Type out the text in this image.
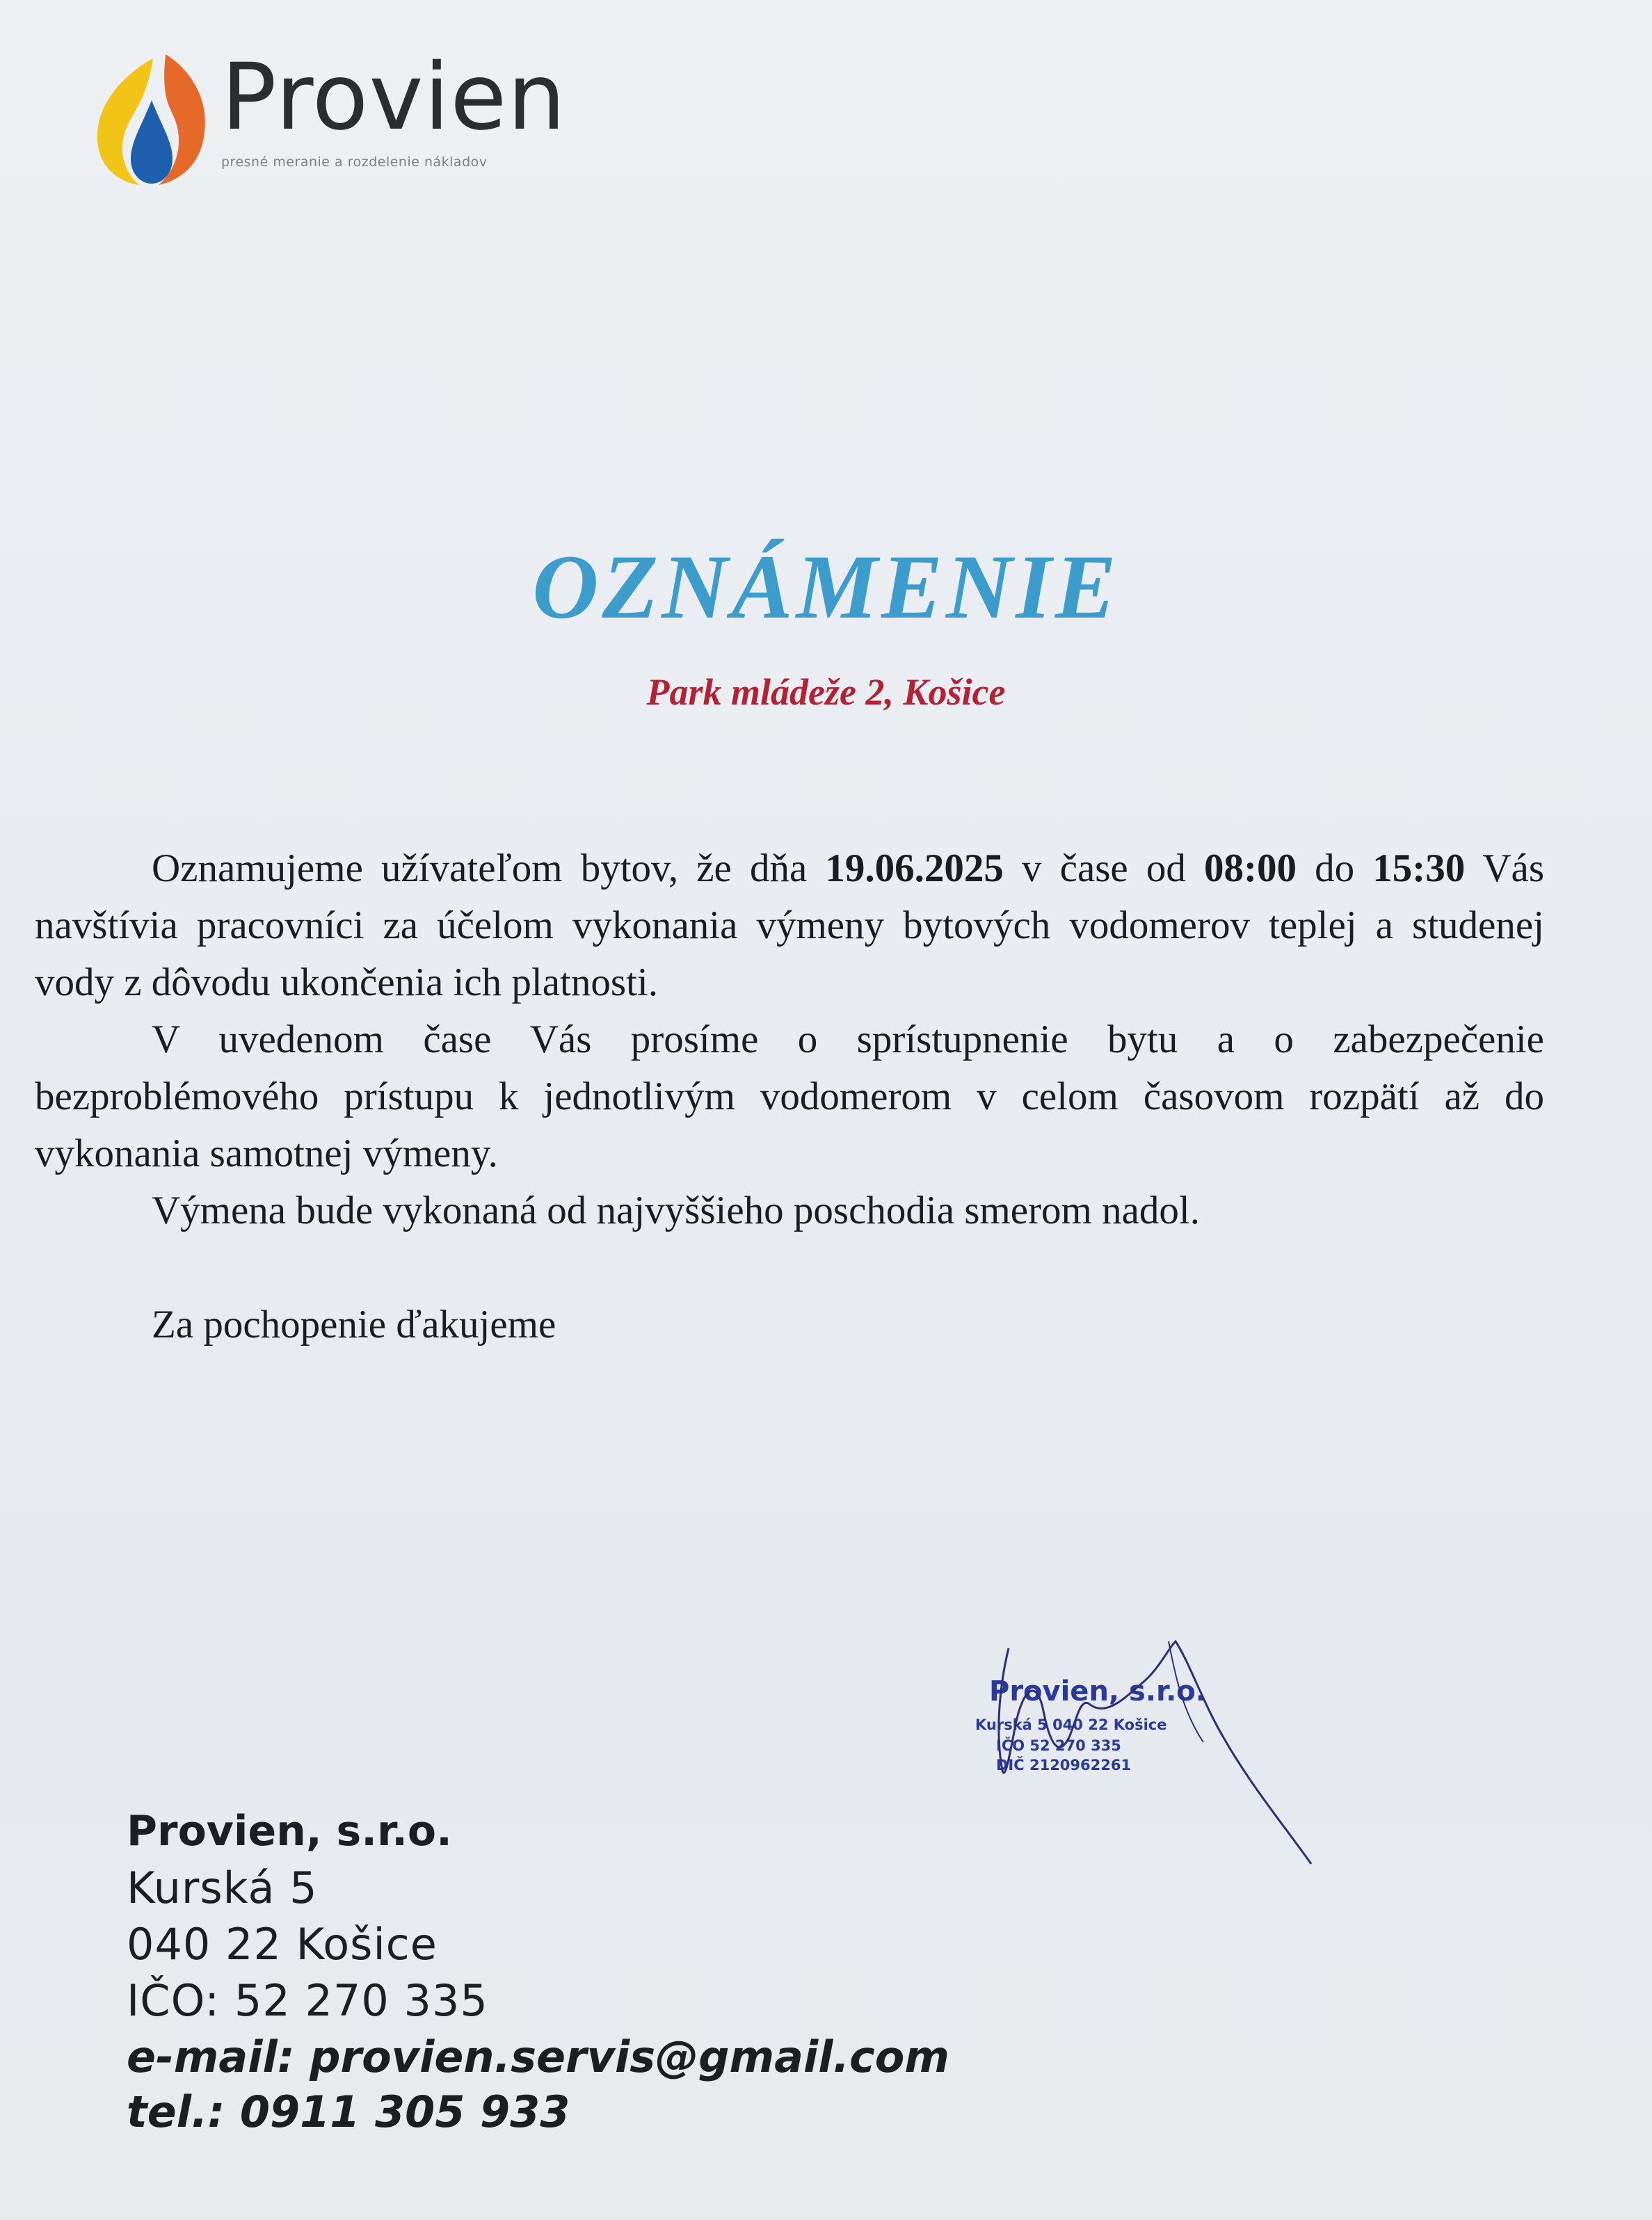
Provien
presné meranie a rozdelenie nákladov
OZNÁMENIE
Park mládeže 2, Košice

Oznamujeme užívateľom bytov, že dňa 19.06.2025 v čase od 08:00 do 15:30 Vás navštívia pracovníci za účelom vykonania výmeny bytových vodomerov teplej a studenej vody z dôvodu ukončenia ich platnosti.

V uvedenom čase Vás prosíme o sprístupnenie bytu a o zabezpečenie bezproblémového prístupu k jednotlivým vodomerom v celom časovom rozpätí až do vykonania samotnej výmeny.

Výmena bude vykonaná od najvyššieho poschodia smerom nadol.

Za pochopenie ďakujeme

Provien, s.r.o.
Kurská 5 040 22 Košice
IČO 52 270 335
DIČ 2120962261
Provien, s.r.o.
Kurská 5
040 22 Košice
IČO: 52 270 335
e-mail: provien.servis@gmail.com
tel.: 0911 305 933
